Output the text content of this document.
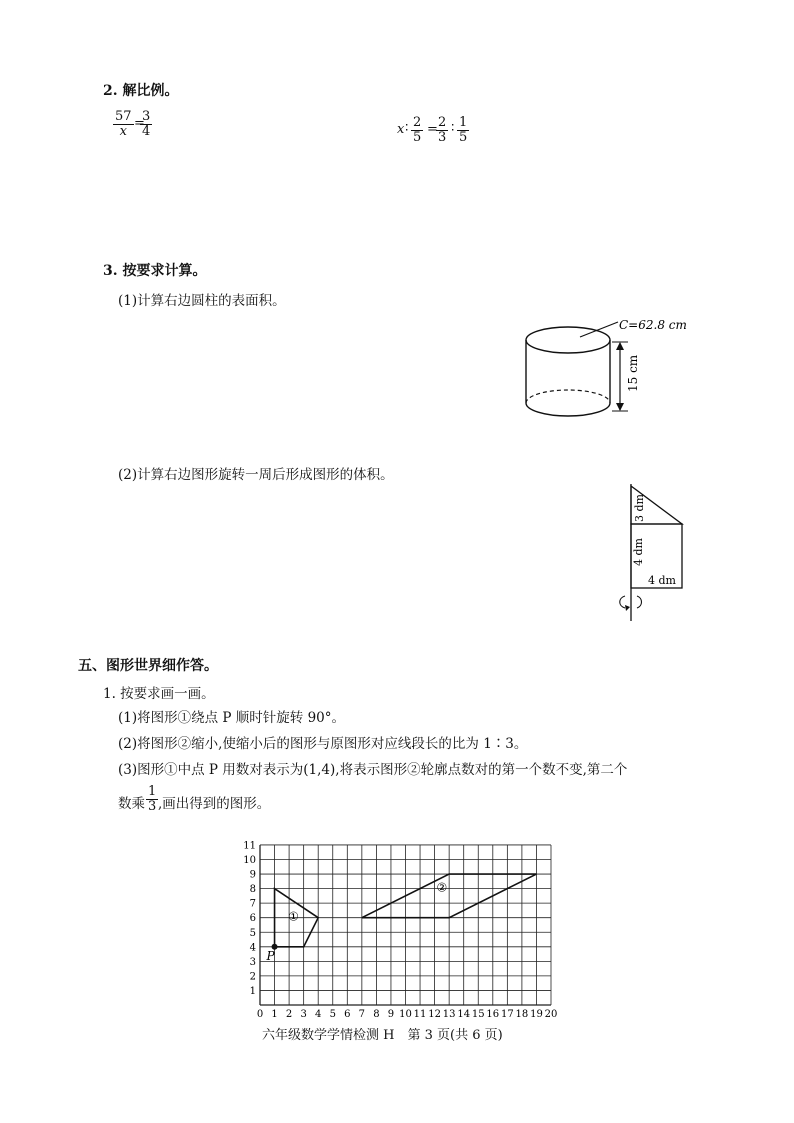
2. 解比例。
$\frac{57}{x}$ =
$\frac{3}{4}$	x ∶ $\frac{2}{5}$ =
$\frac{2}{3}$ ∶ $\frac{1}{5}$
3. 按要求计算。
(1)计算右边圆柱的表面积。
C=62.8 cm
15 cm
(2)计算右边图形旋转一周后形成图形的体积。
3 dm
4 dm
4 dm
五、图形世界细作答。
1. 按要求画一画。
(1)将图形①绕点 P 顺时针旋转 90°。
(2)将图形②缩小,使缩小后的图形与原图形对应线段长的比为 1∶3。
(3)图形①中点 P 用数对表示为(1,4),将表示图形②轮廓点数对的第一个数不变,第二个
数乘 $\frac{1}{3}$ ,画出得到的图形。
0 1 2 3 4 5 6 7 8 9 10 11 12 13 14 15 16 17 18 19 20
1
2
3
4
5
6
7
8
9
10
11
①
②
P
六年级数学学情检测 H　第 3 页(共 6 页)
